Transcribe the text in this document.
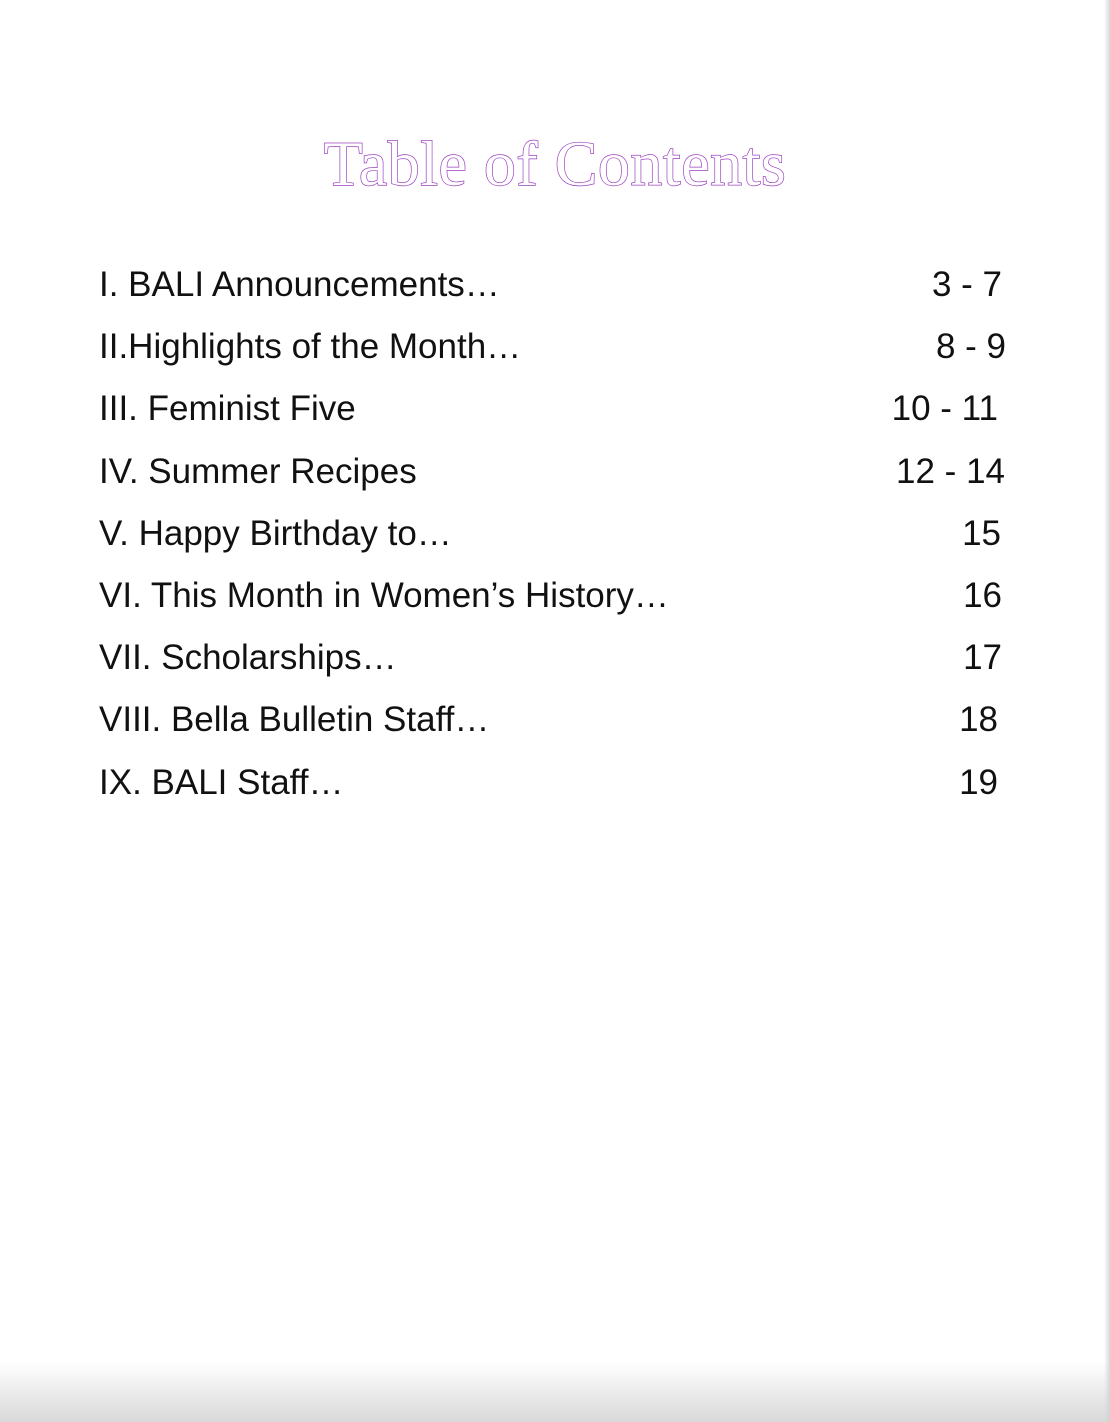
Table of Contents
I. BALI Announcements…	3 - 7
II.Highlights of the Month…	8 - 9
III. Feminist Five	10 - 11
IV. Summer Recipes	12 - 14
V. Happy Birthday to…	15
VI. This Month in Women’s History…	16
VII. Scholarships…	17
VIII. Bella Bulletin Staff…	18
IX. BALI Staff…	19
